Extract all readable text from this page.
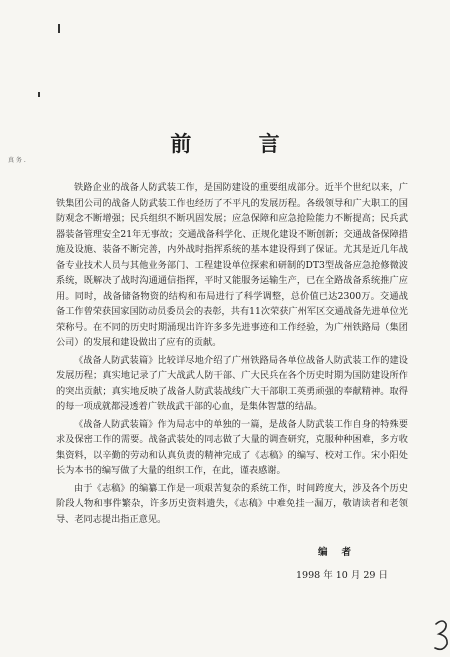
真 务 .
前 言

铁路企业的战备人防武装工作，是国防建设的重要组成部分。近半个世纪以来，广铁集团公司的战备人防武装工作也经历了不平凡的发展历程。各级领导和广大职工的国防观念不断增强；民兵组织不断巩固发展；应急保障和应急抢险能力不断提高；民兵武器装备管理安全21年无事故；交通战备科学化、正规化建设不断创新；交通战备保障措施及设施、装备不断完善，内外战时指挥系统的基本建设得到了保证。尤其是近几年战备专业技术人员与其他业务部门、工程建设单位探索和研制的DT3型战备应急抢修微波系统，既解决了战时沟通通信指挥，平时又能服务运输生产，已在全路战备系统推广应用。同时，战备储备物资的结构和布局进行了科学调整，总价值已达2300万。交通战备工作曾荣获国家国防动员委员会的表彰，共有11次荣获广州军区交通战备先进单位光荣称号。在不同的历史时期涌现出许许多多先进事迹和工作经验，为广州铁路局（集团公司）的发展和建设做出了应有的贡献。

《战备人防武装篇》比较详尽地介绍了广州铁路局各单位战备人防武装工作的建设发展历程；真实地记录了广大战武人防干部、广大民兵在各个历史时期为国防建设所作的突出贡献；真实地反映了战备人防武装战线广大干部职工英勇顽强的奉献精神。取得的每一项成就都浸透着广铁战武干部的心血，是集体智慧的结晶。

《战备人防武装篇》作为局志中的单独的一篇，是战备人防武装工作自身的特殊要求及保密工作的需要。战备武装处的同志做了大量的调查研究，克服种种困难，多方收集资料，以辛勤的劳动和认真负责的精神完成了《志稿》的编写、校对工作。宋小阳处长为本书的编写做了大量的组织工作，在此，谨表感谢。

由于《志稿》的编纂工作是一项艰苦复杂的系统工作，时间跨度大，涉及各个历史阶段人物和事件繁杂，许多历史资料遗失，《志稿》中难免挂一漏万，敬请读者和老领导、老同志提出指正意见。

编者
1998 年 10 月 29 日
